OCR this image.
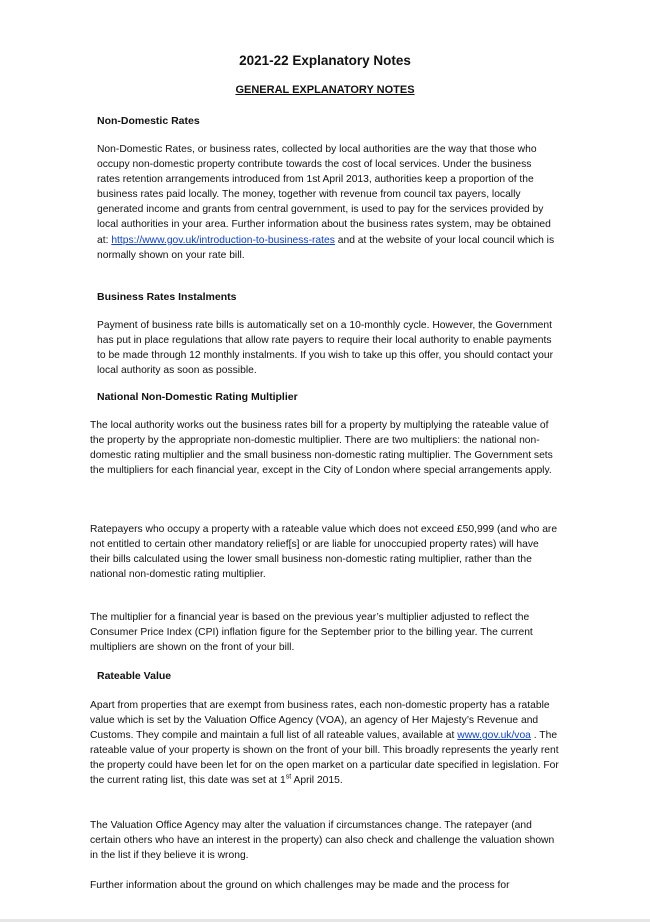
2021-22 Explanatory Notes
GENERAL EXPLANATORY NOTES
Non-Domestic Rates

Non-Domestic Rates, or business rates, collected by local authorities are the way that those who occupy non-domestic property contribute towards the cost of local services. Under the business rates retention arrangements introduced from 1st April 2013, authorities keep a proportion of the business rates paid locally. The money, together with revenue from council tax payers, locally generated income and grants from central government, is used to pay for the services provided by local authorities in your area. Further information about the business rates system, may be obtained at: https://www.gov.uk/introduction-to-business-rates and at the website of your local council which is normally shown on your rate bill.

Business Rates Instalments

Payment of business rate bills is automatically set on a 10-monthly cycle. However, the Government has put in place regulations that allow rate payers to require their local authority to enable payments to be made through 12 monthly instalments. If you wish to take up this offer, you should contact your local authority as soon as possible.

National Non-Domestic Rating Multiplier

The local authority works out the business rates bill for a property by multiplying the rateable value of the property by the appropriate non-domestic multiplier. There are two multipliers: the national non-domestic rating multiplier and the small business non-domestic rating multiplier. The Government sets the multipliers for each financial year, except in the City of London where special arrangements apply.

Ratepayers who occupy a property with a rateable value which does not exceed £50,999 (and who are not entitled to certain other mandatory relief[s] or are liable for unoccupied property rates) will have their bills calculated using the lower small business non-domestic rating multiplier, rather than the national non-domestic rating multiplier.

The multiplier for a financial year is based on the previous year’s multiplier adjusted to reflect the Consumer Price Index (CPI) inflation figure for the September prior to the billing year. The current multipliers are shown on the front of your bill.

Rateable Value

Apart from properties that are exempt from business rates, each non-domestic property has a ratable value which is set by the Valuation Office Agency (VOA), an agency of Her Majesty’s Revenue and Customs. They compile and maintain a full list of all rateable values, available at www.gov.uk/voa . The rateable value of your property is shown on the front of your bill. This broadly represents the yearly rent the property could have been let for on the open market on a particular date specified in legislation. For the current rating list, this date was set at 1st April 2015.

The Valuation Office Agency may alter the valuation if circumstances change. The ratepayer (and certain others who have an interest in the property) can also check and challenge the valuation shown in the list if they believe it is wrong.

Further information about the ground on which challenges may be made and the process for
